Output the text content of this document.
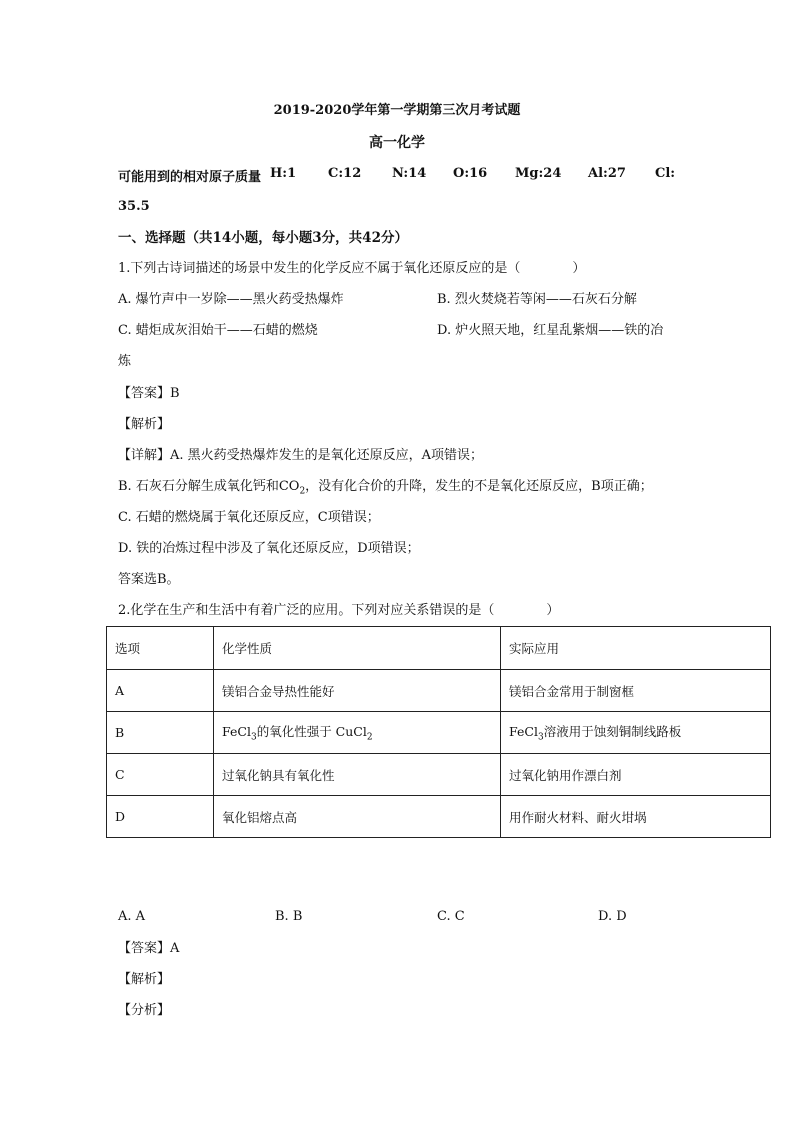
2019-2020学年第一学期第三次月考试题
高一化学
可能用到的相对原子质量 H:1 C:12 N:14 O:16 Mg:24 Al:27 Cl:
35.5
一、选择题（共14小题，每小题3分，共42分）
1.下列古诗词描述的场景中发生的化学反应不属于氧化还原反应的是（　　　　）
A. 爆竹声中一岁除——黑火药受热爆炸	B. 烈火焚烧若等闲——石灰石分解
C. 蜡炬成灰泪始干——石蜡的燃烧	D. 炉火照天地，红星乱紫烟——铁的冶
炼
【答案】B
【解析】
【详解】A. 黑火药受热爆炸发生的是氧化还原反应，A项错误；
B. 石灰石分解生成氧化钙和$CO_2$，没有化合价的升降，发生的不是氧化还原反应，B项正确；
C. 石蜡的燃烧属于氧化还原反应，C项错误；
D. 铁的冶炼过程中涉及了氧化还原反应，D项错误；
答案选B。
2.化学在生产和生活中有着广泛的应用。下列对应关系错误的是（　　　　）
选项	化学性质	实际应用
A	镁铝合金导热性能好	镁铝合金常用于制窗框
B	FeCl$_3$的氧化性强于 CuCl$_2$	FeCl$_3$溶液用于蚀刻铜制线路板
C	过氧化钠具有氧化性	过氧化钠用作漂白剂
D	氧化铝熔点高	用作耐火材料、耐火坩埚
A. A	B. B	C. C	D. D
【答案】A
【解析】
【分析】
